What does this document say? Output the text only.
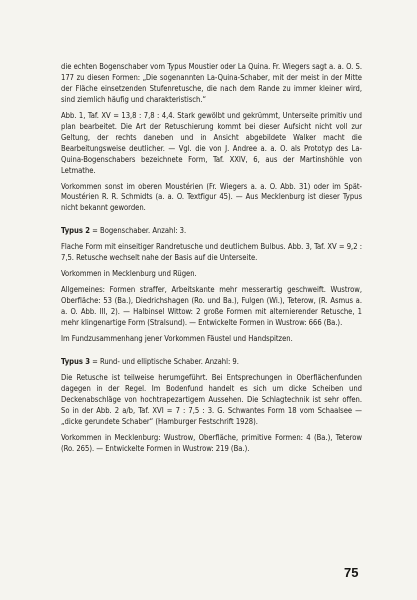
die echten Bogenschaber vom Typus Moustier oder La Quina. Fr. Wiegers sagt a. a. O. S. 177 zu diesen Formen: „Die sogenannten La-Quina-Schaber, mit der meist in der Mitte der Fläche einsetzenden Stufenretusche, die nach dem Rande zu immer kleiner wird, sind ziemlich häufig und charakteristisch.“

Abb. 1, Taf. XV = 13,8 : 7,8 : 4,4. Stark gewölbt und gekrümmt, Unterseite primitiv und plan bearbeitet. Die Art der Retuschierung kommt bei dieser Aufsicht nicht voll zur Geltung, der rechts daneben und in Ansicht abgebildete Walker macht die Bearbeitungsweise deutlicher. — Vgl. die von J. Andree a. a. O. als Prototyp des La-Quina-Bogenschabers bezeichnete Form, Taf. XXIV, 6, aus der Martinshöhle von Letmathe.

Vorkommen sonst im oberen Moustérien (Fr. Wiegers a. a. O. Abb. 31) oder im Spät-Moustérien R. R. Schmidts (a. a. O. Textfigur 45). — Aus Mecklenburg ist dieser Typus nicht bekannt geworden.

Typus 2 = Bogenschaber. Anzahl: 3.

Flache Form mit einseitiger Randretusche und deutlichem Bulbus. Abb. 3, Taf. XV = 9,2 : 7,5. Retusche wechselt nahe der Basis auf die Unterseite.

Vorkommen in Mecklenburg und Rügen.

Allgemeines: Formen straffer, Arbeitskante mehr messerartig geschweift. Wustrow, Oberfläche: 53 (Ba.), Diedrichshagen (Ro. und Ba.), Fulgen (Wi.), Teterow, (R. Asmus a. a. O. Abb. III, 2). — Halbinsel Wittow: 2 große Formen mit alternierender Retusche, 1 mehr klingenartige Form (Stralsund). — Entwickelte Formen in Wustrow: 666 (Ba.).

Im Fundzusammenhang jener Vorkommen Fäustel und Handspitzen.

Typus 3 = Rund- und elliptische Schaber. Anzahl: 9.

Die Retusche ist teilweise herumgeführt. Bei Entsprechungen in Oberflächenfunden dagegen in der Regel. Im Bodenfund handelt es sich um dicke Scheiben und Deckenabschläge von hochtrapezartigem Aussehen. Die Schlagtechnik ist sehr offen. So in der Abb. 2 a/b, Taf. XVI = 7 : 7,5 : 3. G. Schwantes Form 18 vom Schaalsee — „dicke gerundete Schaber“ (Hamburger Festschrift 1928).

Vorkommen in Mecklenburg: Wustrow, Oberfläche, primitive Formen: 4 (Ba.), Teterow (Ro. 265). — Entwickelte Formen in Wustrow: 219 (Ba.).

75
